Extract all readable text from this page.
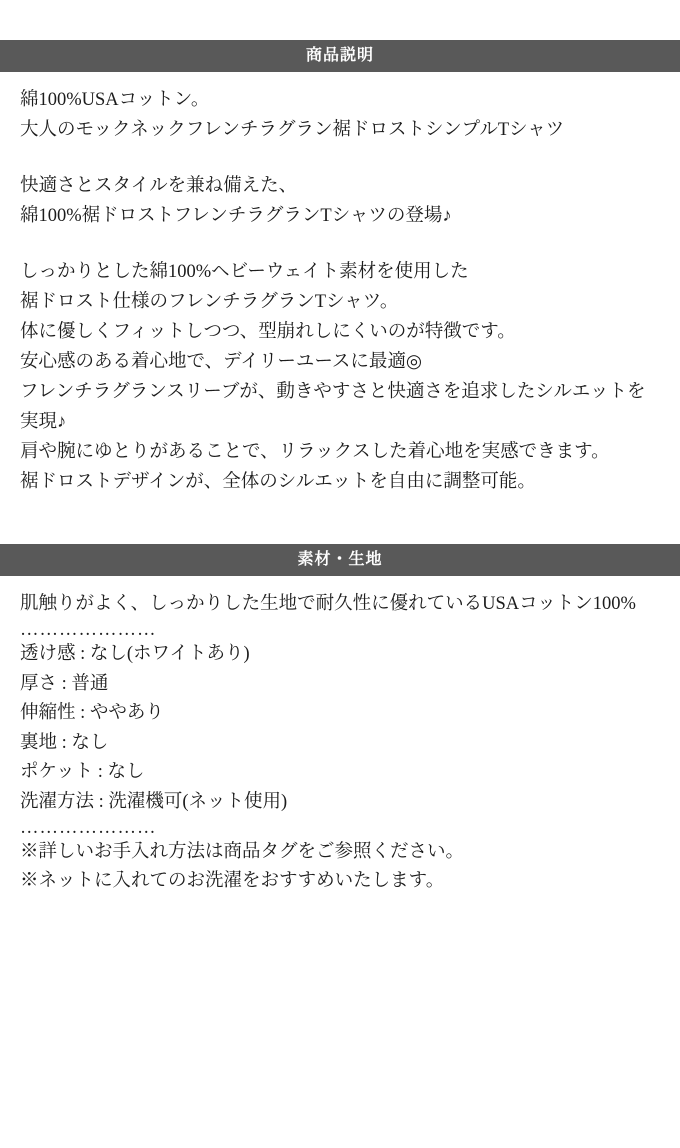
商品説明
綿100%USAコットン。
大人のモックネックフレンチラグラン裾ドロストシンプルTシャツ
快適さとスタイルを兼ね備えた、
綿100%裾ドロストフレンチラグランTシャツの登場♪
しっかりとした綿100%ヘビーウェイト素材を使用した
裾ドロスト仕様のフレンチラグランTシャツ。
体に優しくフィットしつつ、型崩れしにくいのが特徴です。
安心感のある着心地で、デイリーユースに最適◎
フレンチラグランスリーブが、動きやすさと快適さを追求したシルエットを
実現♪
肩や腕にゆとりがあることで、リラックスした着心地を実感できます。
裾ドロストデザインが、全体のシルエットを自由に調整可能。
素材・生地
肌触りがよく、しっかりした生地で耐久性に優れているUSAコットン100%
…………………
透け感 : なし(ホワイトあり)
厚さ : 普通
伸縮性 : ややあり
裏地 : なし
ポケット : なし
洗濯方法 : 洗濯機可(ネット使用)
…………………
※詳しいお手入れ方法は商品タグをご参照ください。
※ネットに入れてのお洗濯をおすすめいたします。
